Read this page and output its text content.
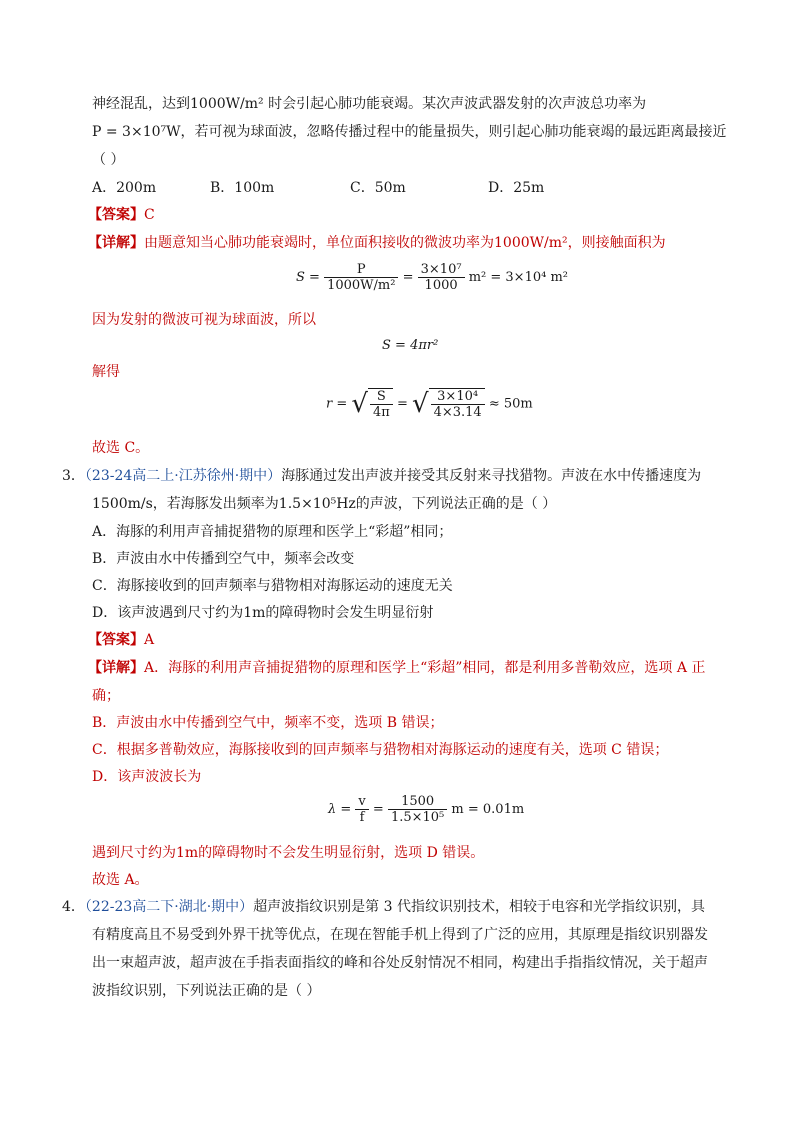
神经混乱，达到1000W/m² 时会引起心肺功能衰竭。某次声波武器发射的次声波总功率为
P = 3×10⁷W，若可视为球面波，忽略传播过程中的能量损失，则引起心肺功能衰竭的最远距离最接近
（ ）
A．200m	B．100m	C．50m	D．25m
【答案】C
【详解】由题意知当心肺功能衰竭时，单位面积接收的微波功率为1000W/m²，则接触面积为
$S = \frac{P}{\text{1000W/m²}} = \frac{\text{3×10⁷}}{1000} m^2 = 3\times 10^4$ m²
因为发射的微波可视为球面波，所以
S = 4πr²
解得
r = √ $\frac{S}{4\pi}$ = √ $\frac{\text{3×10⁴}}{4\times 3.14} \approx 50m$
故选 C。
3．（23-24高二上·江苏徐州·期中）海豚通过发出声波并接受其反射来寻找猎物。声波在水中传播速度为
1500m/s，若海豚发出频率为1.5×10⁵Hz的声波，下列说法正确的是（ ）
A．海豚的利用声音捕捉猎物的原理和医学上“彩超”相同；
B．声波由水中传播到空气中，频率会改变
C．海豚接收到的回声频率与猎物相对海豚运动的速度无关
D．该声波遇到尺寸约为1m的障碍物时会发生明显衍射
【答案】A
【详解】A．海豚的利用声音捕捉猎物的原理和医学上“彩超”相同，都是利用多普勒效应，选项 A 正
确；
B．声波由水中传播到空气中，频率不变，选项 B 错误；
C．根据多普勒效应，海豚接收到的回声频率与猎物相对海豚运动的速度有关，选项 C 错误；
D．该声波波长为
$\lambda = \frac{v}{f} = \frac{1500}{\text{1.5×10⁵}}$ m = 0.01m
遇到尺寸约为1m的障碍物时不会发生明显衍射，选项 D 错误。
故选 A。
4．（22-23高二下·湖北·期中）超声波指纹识别是第 3 代指纹识别技术，相较于电容和光学指纹识别，具
有精度高且不易受到外界干扰等优点，在现在智能手机上得到了广泛的应用，其原理是指纹识别器发
出一束超声波，超声波在手指表面指纹的峰和谷处反射情况不相同，构建出手指指纹情况，关于超声
波指纹识别，下列说法正确的是（ ）
